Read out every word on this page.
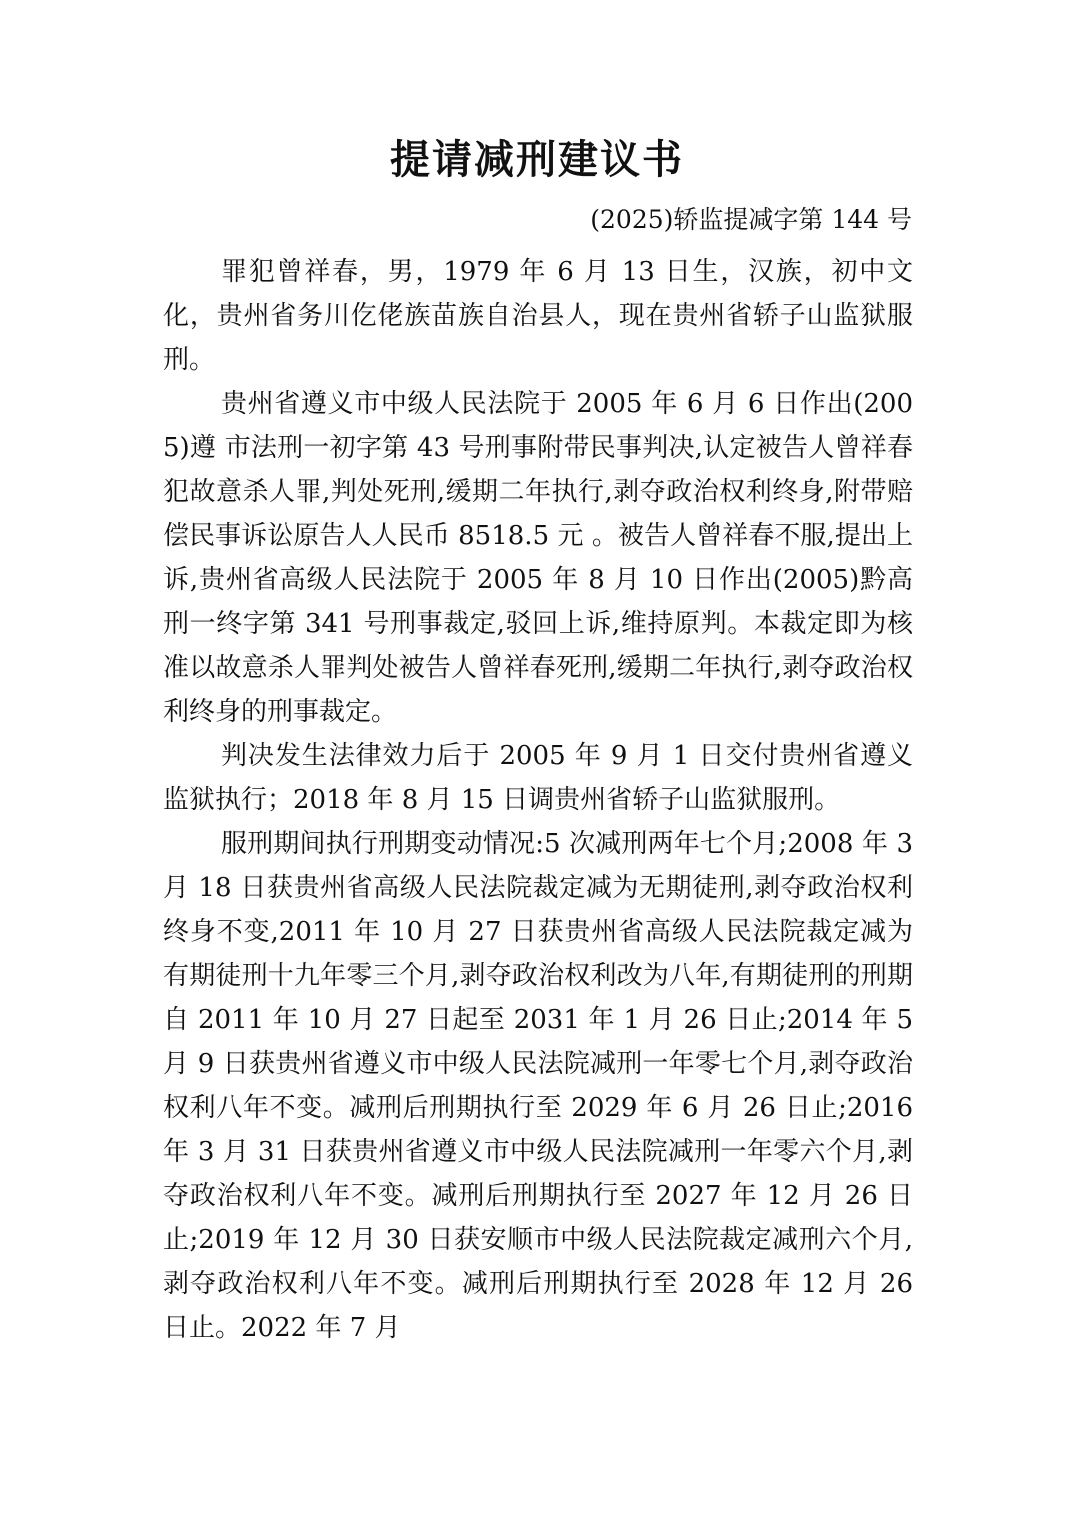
提请减刑建议书

(2025)轿监提减字第 144 号

罪犯曾祥春，男，1979 年 6 月 13 日生，汉族，初中文化，贵州省务川仡佬族苗族自治县人，现在贵州省轿子山监狱服刑。

贵州省遵义市中级人民法院于 2005 年 6 月 6 日作出(2005)遵 市法刑一初字第 43 号刑事附带民事判决,认定被告人曾祥春犯故意杀人罪,判处死刑,缓期二年执行,剥夺政治权利终身,附带赔偿民事诉讼原告人人民币 8518.5 元 。被告人曾祥春不服,提出上诉,贵州省高级人民法院于 2005 年 8 月 10 日作出(2005)黔高刑一终字第 341 号刑事裁定,驳回上诉,维持原判。本裁定即为核准以故意杀人罪判处被告人曾祥春死刑,缓期二年执行,剥夺政治权利终身的刑事裁定。

判决发生法律效力后于 2005 年 9 月 1 日交付贵州省遵义监狱执行；2018 年 8 月 15 日调贵州省轿子山监狱服刑。

服刑期间执行刑期变动情况:5 次减刑两年七个月;2008 年 3 月 18 日获贵州省高级人民法院裁定减为无期徒刑,剥夺政治权利终身不变,2011 年 10 月 27 日获贵州省高级人民法院裁定减为有期徒刑十九年零三个月,剥夺政治权利改为八年,有期徒刑的刑期自 2011 年 10 月 27 日起至 2031 年 1 月 26 日止;2014 年 5 月 9 日获贵州省遵义市中级人民法院减刑一年零七个月,剥夺政治权利八年不变。减刑后刑期执行至 2029 年 6 月 26 日止;2016 年 3 月 31 日获贵州省遵义市中级人民法院减刑一年零六个月,剥夺政治权利八年不变。减刑后刑期执行至 2027 年 12 月 26 日止;2019 年 12 月 30 日获安顺市中级人民法院裁定减刑六个月,剥夺政治权利八年不变。减刑后刑期执行至 2028 年 12 月 26 日止。2022 年 7 月
